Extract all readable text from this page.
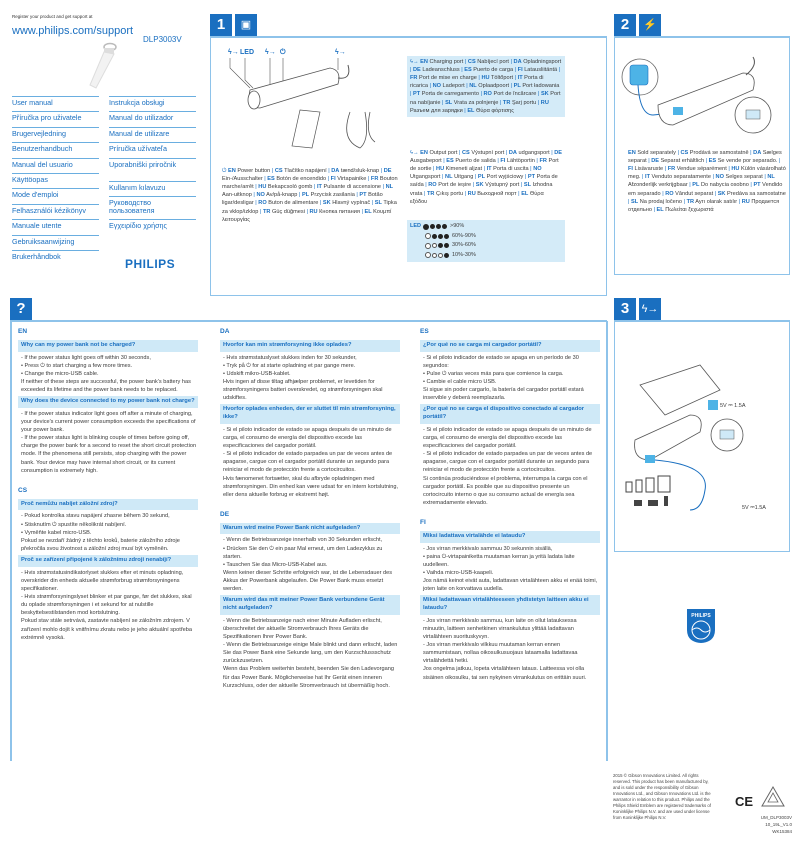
Register your product and get support at
www.philips.com/support
DLP3003V
User manual
Příručka pro uživatele
Brugervejledning
Benutzerhandbuch
Manual del usuario
Käyttöopas
Mode d'emploi
Felhasználói kézikönyv
Manuale utente
Gebruiksaanwijzing
Brukerhåndbok
Instrukcja obsługi
Manual do utilizador
Manual de utilizare
Príručka užívateľa
Uporabniški priročnik
Kullanım kılavuzu
Руководство пользователя
Εγχειρίδιο χρήσης
PHILIPS
1	▣
ϟ→ LED ϟ→ ⏻	ϟ→
⏻ EN Power button | CS Tlačítko napájení | DA tænd/sluk-knap | DE Ein-/Ausschalter | ES Botón de encendido | FI Virtapainike | FR Bouton marche/arrêt | HU Bekapcsoló gomb | IT Pulsante di accensione | NL Aan-uitknop | NO Av/på-knapp | PL Przycisk zasilania | PT Botão ligar/desligar | RO Buton de alimentare | SK Hlavný vypínač | SL Tipka za vklop/izklop | TR Güç düğmesi | RU Кнопка питания | EL Κουμπί λειτουργίας
ϟ→ EN Charging port | CS Nabíjecí port | DA Opladningsport | DE Ladeanschluss | ES Puerto de carga | FI Latausliitäntä | FR Port de mise en charge | HU Töltőport | IT Porta di ricarica | NO Ladeport | NL Oplaadpoort | PL Port ładowania | PT Porta de carregamento | RO Port de încărcare | SK Port na nabíjanie | SL Vrata za polnjenje | TR Şarj portu | RU Разъем для зарядки | EL Θύρα φόρτισης
ϟ→ EN Output port | CS Výstupní port | DA udgangsport | DE Ausgabeport | ES Puerto de salida | FI Lähtöportin | FR Port de sortie | HU Kimeneti aljzat | IT Porta di uscita | NO Utgangsport | NL Uitgang | PL Port wyjściowy | PT Porta de saída | RO Port de ieșire | SK Výstupný port | SL Izhodna vrata | TR Çıkış portu | RU Выходной порт | EL Θύρα εξόδου
LED	>90%
60%-90%
30%-60%
10%-30%
2	⚡
EN Sold separately | CS Prodává se samostatně | DA Sælges separat | DE Separat erhältlich | ES Se vende por separado. | FI Lisävaruste | FR Vendue séparément | HU Külön vásárolható meg. | IT Venduto separatamente | NO Selges separat | NL Afzonderlijk verkrijgbaar | PL Do nabycia osobno | PT Vendido em separado | RO Vândut separat | SK Predáva sa samostatne | SL Na prodaj ločeno | TR Ayrı olarak satılır | RU Продается отдельно | EL Πωλείται ξεχωριστά
3	ϟ→
5V ⎓ 1.5A
5V ⎓1.5A
?
EN
Why can my power bank not be charged?

- If the power status light goes off within 30 seconds,

• Press ⏻ to start charging a few more times.

• Change the micro-USB cable.

If neither of these steps are successful, the power bank's battery has exceeded its lifetime and the power bank needs to be replaced.

Why does the device connected to my power bank not charge?

- If the power status indicator light goes off after a minute of charging, your device's current power consumption exceeds the specifications of your power bank.

- If the power status light is blinking couple of times before going off, charge the power bank for a second to reset the short circuit protection mode. If the phenomena still persists, stop charging with the power bank. Your device may have internal short circuit, or its current consumption is extremely high.

CS
Proč nemůžu nabíjet záložní zdroj?

- Pokud kontrolka stavu napájení zhasne během 30 sekund,

• Stisknutím ⏻ spustíte několikrát nabíjení.

• Vyměňte kabel micro-USB.

Pokud se nezdaří žádný z těchto kroků, baterie záložního zdroje překročila svou životnost a záložní zdroj musí být vyměněn.

Proč se zařízení připojené k záložnímu zdroji nenabíjí?

- Hvis strømstatusindikatorlyset slukkes efter et minuts opladning, overskrider din enheds aktuelle strømforbrug strømforsyningens specifikationer.

- Hvis strømforsyningslyset blinker et par gange, før det slukkes, skal du oplade strømforsyningen i et sekund for at nulstille beskyttelsestilstanden mod kortslutning.

Pokud stav stále setrvává, zastavte nabíjení se záložním zdrojem. V zařízení mohlo dojít k vnitřnímu zkratu nebo je jeho aktuální spotřeba extrémně vysoká.

DA
Hvorfor kan min strømforsyning ikke oplades?

- Hvis strømstatuslyset slukkes inden for 30 sekunder,

• Tryk på ⏻ for at starte opladning et par gange mere.

• Udskift mikro-USB-kablet.

Hvis ingen af disse tiltag afhjælper problemet, er levetiden for strømforsyningens batteri overskredet, og strømforsyningen skal udskiftes.

Hvorfor oplades enheden, der er sluttet til min strømforsyning, ikke?

- Si el piloto indicador de estado se apaga después de un minuto de carga, el consumo de energía del dispositivo excede las especificaciones del cargador portátil.

- Si el piloto indicador de estado parpadea un par de veces antes de apagarse, cargue con el cargador portátil durante un segundo para reiniciar el modo de protección frente a cortocircuitos.

Hvis fænomenet fortsætter, skal du afbryde opladningen med strømforsyningen. Din enhed kan være udsat for en intern kortslutning, eller dens aktuelle forbrug er ekstremt højt.

DE
Warum wird meine Power Bank nicht aufgeladen?

- Wenn die Betriebsanzeige innerhalb von 30 Sekunden erlischt,

• Drücken Sie den ⏻ ein paar Mal erneut, um den Ladezyklus zu starten.

• Tauschen Sie das Micro-USB-Kabel aus.

Wenn keiner dieser Schritte erfolgreich war, ist die Lebensdauer des Akkus der Powerbank abgelaufen. Die Power Bank muss ersetzt werden.

Warum wird das mit meiner Power Bank verbundene Gerät nicht aufgeladen?

- Wenn die Betriebsanzeige nach einer Minute Aufladen erlischt, überschreitet der aktuelle Stromverbrauch Ihres Geräts die Spezifikationen Ihrer Power Bank.

- Wenn die Betriebsanzeige einige Male blinkt und dann erlischt, laden Sie das Power Bank eine Sekunde lang, um den Kurzschlussschutz zurückzusetzen.

Wenn das Problem weiterhin besteht, beenden Sie den Ladevorgang für das Power Bank. Möglicherweise hat Ihr Gerät einen inneren Kurzschluss, oder der aktuelle Stromverbrauch ist übermäßig hoch.

ES
¿Por qué no se carga mi cargador portátil?

- Si el piloto indicador de estado se apaga en un período de 30 segundos:

• Pulse ⏻ varias veces más para que comience la carga.

• Cambie el cable micro USB.

Si sigue sin poder cargarlo, la batería del cargador portátil estará inservible y deberá reemplazarla.

¿Por qué no se carga el dispositivo conectado al cargador portátil?

- Si el piloto indicador de estado se apaga después de un minuto de carga, el consumo de energía del dispositivo excede las especificaciones del cargador portátil.

- Si el piloto indicador de estado parpadea un par de veces antes de apagarse, cargue con el cargador portátil durante un segundo para reiniciar el modo de protección frente a cortocircuitos.

Si continúa produciéndose el problema, interrumpa la carga con el cargador portátil. Es posible que su dispositivo presente un cortocircuito interno o que su consumo actual de energía sea extremadamente elevado.

FI
Miksi ladattava virtalähde ei lataudu?

- Jos virran merkkivalo sammuu 30 sekunnin sisällä,

• paina ⏻-virtapainiketta muutaman kerran ja yritä ladata laite uudelleen.

• Vaihda micro-USB-kaapeli.

Jos nämä keinot eivät auta, ladattavan virtalähteen akku ei enää toimi, joten laite on korvattava uudella.

Miksi ladattavaan virtalähteeseen yhdistetyn laitteen akku ei lataudu?

- Jos virran merkkivalo sammuu, kun laite on ollut latauksessa minuutin, laitteen senhetkinen virrankulutus ylittää ladattavan virtalähteen suorituskyvyn.

- Jos virran merkkivalo vilkkuu muutaman kerran ennen sammumistaan, nollaa oikosulkusuojaus lataamalla ladattavaa virtalähdettä hetki.

Jos ongelma jatkuu, lopeta virtalähteen lataus. Laitteessa voi olla sisäinen oikosulku, tai sen nykyinen virrankulutus on erittäin suuri.

PHILIPS
2015 © Gibson Innovations Limited. All rights reserved. This product has been manufactured by, and is sold under the responsibility of Gibson Innovations Ltd., and Gibson Innovations Ltd. is the warrantor in relation to this product. Philips and the Philips Shield Emblem are registered trademarks of Koninklijke Philips N.V. and are used under license from Koninklijke Philips N.V.
CE
UM_DLP3003V
10_19L_V1.0
WK15384
